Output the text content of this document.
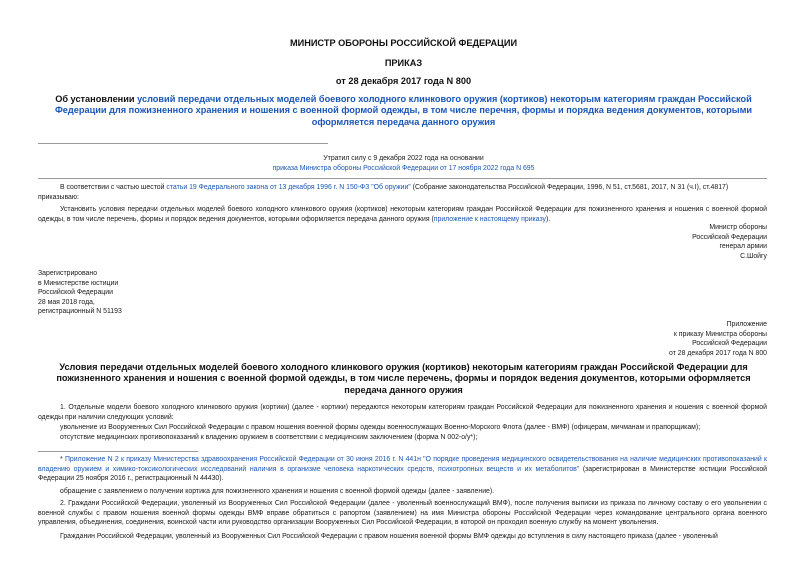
МИНИСТР ОБОРОНЫ РОССИЙСКОЙ ФЕДЕРАЦИИ
ПРИКАЗ
от 28 декабря 2017 года N 800
Об установлении условий передачи отдельных моделей боевого холодного клинкового оружия (кортиков) некоторым категориям граждан Российской Федерации для пожизненного хранения и ношения с военной формой одежды, в том числе перечня, формы и порядка ведения документов, которыми оформляется передача данного оружия
Утратил силу с 9 декабря 2022 года на основании
приказа Министра обороны Российской Федерации от 17 ноября 2022 года N 695
В соответствии с частью шестой статьи 19 Федерального закона от 13 декабря 1996 г. N 150-ФЗ "Об оружии" (Собрание законодательства Российской Федерации, 1996, N 51, ст.5681, 2017, N 31 (ч.I), ст.4817)
приказываю:
Установить условия передачи отдельных моделей боевого холодного клинкового оружия (кортиков) некоторым категориям граждан Российской Федерации для пожизненного хранения и ношения с военной формой одежды, в том числе перечень, формы и порядок ведения документов, которыми оформляется передача данного оружия (приложение к настоящему приказу).
Министр обороны
Российской Федерации
генерал армии
С.Шойгу
Зарегистрировано
в Министерстве юстиции
Российской Федерации
28 мая 2018 года,
регистрационный N 51193
Приложение
к приказу Министра обороны
Российской Федерации
от 28 декабря 2017 года N 800
Условия передачи отдельных моделей боевого холодного клинкового оружия (кортиков) некоторым категориям граждан Российской Федерации для пожизненного хранения и ношения с военной формой одежды, в том числе перечень, формы и порядок ведения документов, которыми оформляется передача данного оружия
1. Отдельные модели боевого холодного клинкового оружия (кортики) (далее - кортики) передаются некоторым категориям граждан Российской Федерации для пожизненного хранения и ношения с военной формой одежды при наличии следующих условий:
увольнение из Вооруженных Сил Российской Федерации с правом ношения военной формы одежды военнослужащих Военно-Морского Флота (далее - ВМФ) (офицерам, мичманам и прапорщикам);
отсутствие медицинских противопоказаний к владению оружием в соответствии с медицинским заключением (форма N 002-о/у*);
* Приложение N 2 к приказу Министерства здравоохранения Российской Федерации от 30 июня 2016 г. N 441н "О порядке проведения медицинского освидетельствования на наличие медицинских противопоказаний к владению оружием и химико-токсикологических исследований наличия в организме человека наркотических средств, психотропных веществ и их метаболитов" (зарегистрирован в Министерстве юстиции Российской Федерации 25 ноября 2016 г., регистрационный N 44430).
обращение с заявлением о получении кортика для пожизненного хранения и ношения с военной формой одежды (далее - заявление).
2. Граждани Российской Федерации, уволенный из Вооруженных Сил Российской Федерации (далее - уволенный военнослужащий ВМФ), после получения выписки из приказа по личному составу о его увольнении с военной службы с правом ношения военной формы одежды ВМФ вправе обратиться с рапортом (заявлением) на имя Министра обороны Российской Федерации через командование центрального органа военного управления, объединения, соединения, воинской части или руководство организации Вооруженных Сил Российской Федерации, в которой он проходил военную службу на момент увольнения.
Гражданин Российской Федерации, уволенный из Вооруженных Сил Российской Федерации с правом ношения военной формы ВМФ одежды до вступления в силу настоящего приказа (далее - уволенный
